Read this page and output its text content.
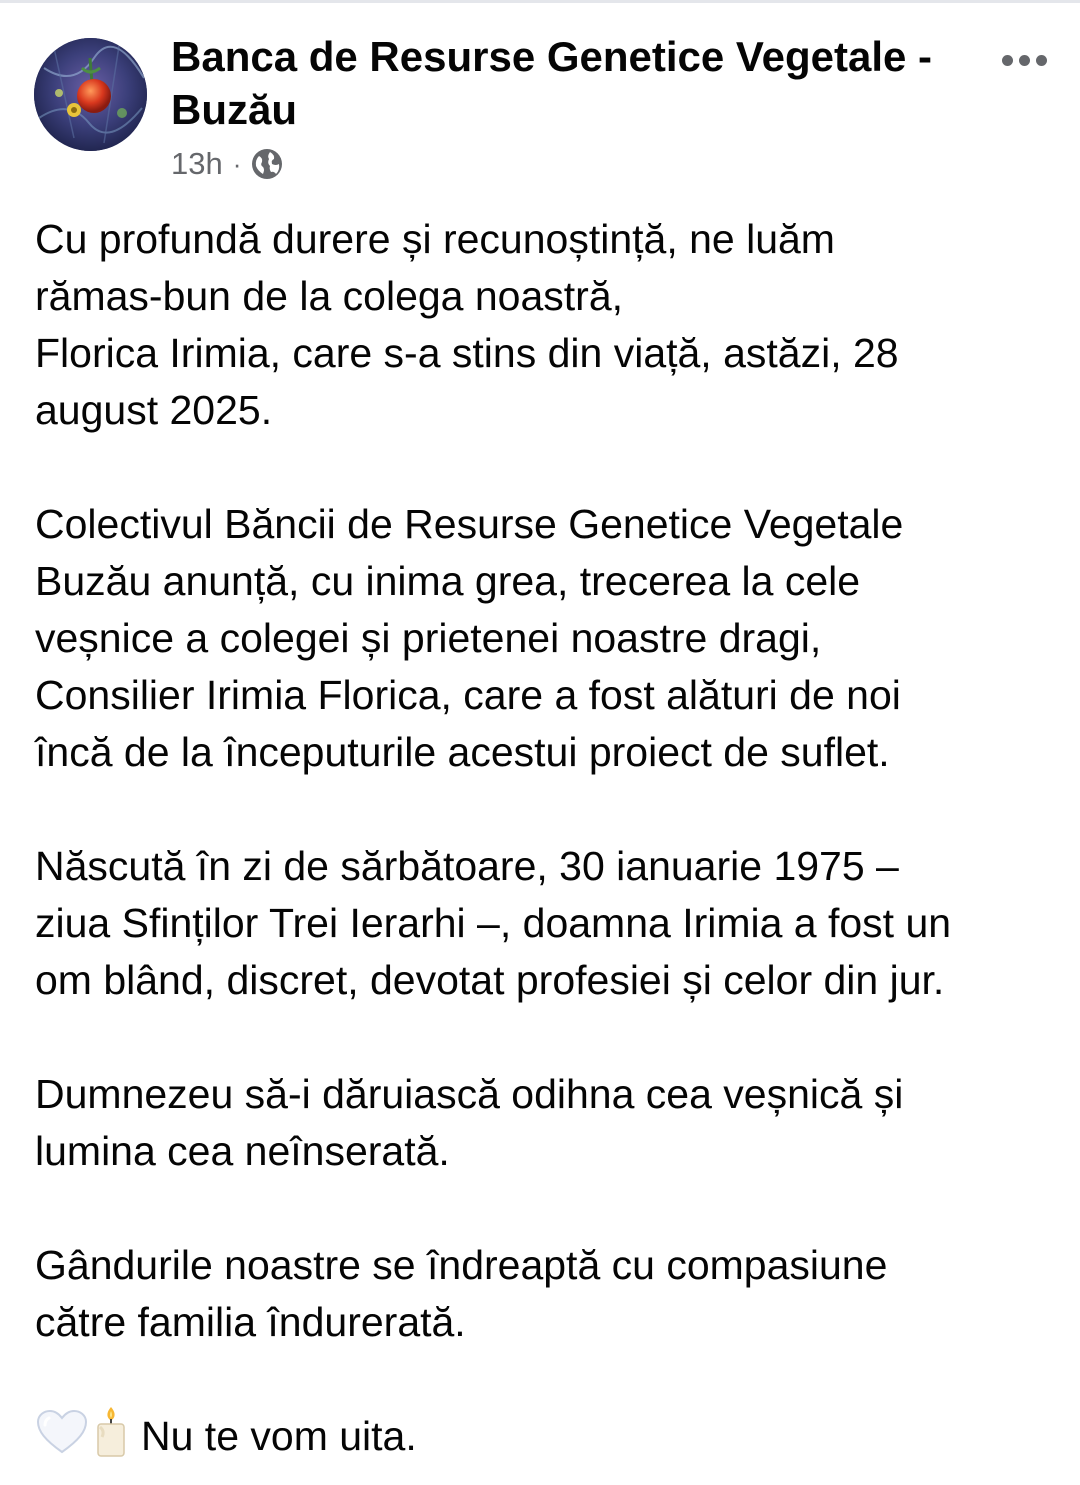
Banca de Resurse Genetice Vegetale -
Buzău
13h ·

Cu profundă durere și recunoștință, ne luăm
rămas-bun de la colega noastră,
Florica Irimia, care s-a stins din viață, astăzi, 28
august 2025.

Colectivul Băncii de Resurse Genetice Vegetale
Buzău anunță, cu inima grea, trecerea la cele
veșnice a colegei și prietenei noastre dragi,
Consilier Irimia Florica, care a fost alături de noi
încă de la începuturile acestui proiect de suflet.

Născută în zi de sărbătoare, 30 ianuarie 1975 –
ziua Sfinților Trei Ierarhi –, doamna Irimia a fost un
om blând, discret, devotat profesiei și celor din jur.

Dumnezeu să-i dăruiască odihna cea veșnică și
lumina cea neînserată.

Gândurile noastre se îndreaptă cu compasiune
către familia îndurerată.

Nu te vom uita.
